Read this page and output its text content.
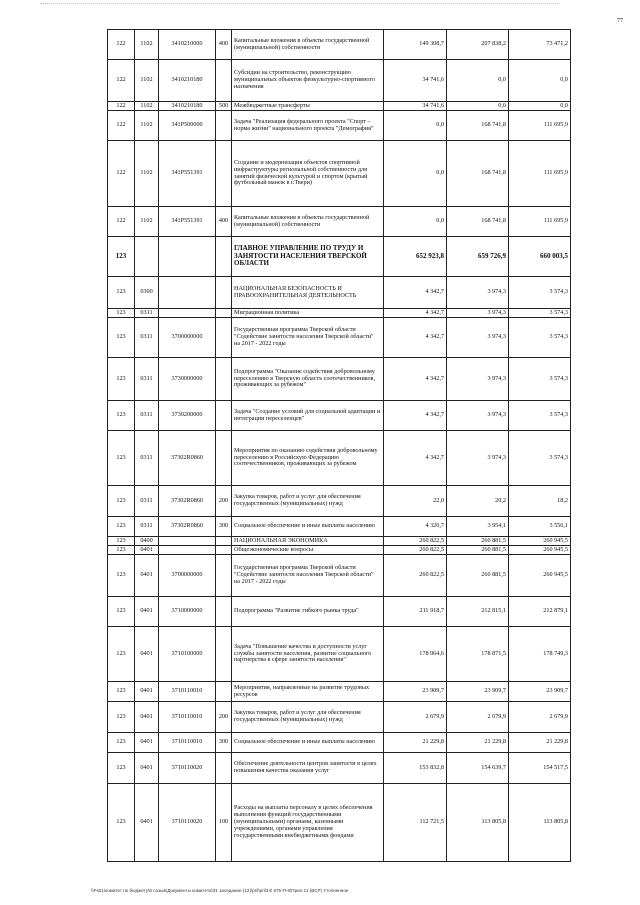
77
122	1102	3410210000	400	Капитальные вложения в объекты государственной (муниципальной) собственности	149 308,7	207 838,2	73 471,2
122	1102	3410210180		Субсидии на строительство, реконструкцию муниципальных объектов физкультурно-спортивного назначения	34 741,6	0,0	0,0
122	1102	3410210180	500	Межбюджетные трансферты	34 741,6	0,0	0,0
122	1102	341P500000		Задача "Реализация федерального проекта "Спорт – норма жизни" национального проекта "Демография"	0,0	168 741,8	111 695,9
122	1102	341P551391		Создание и модернизация объектов спортивной инфраструктуры региональной собственности для занятий физической культурой и спортом (крытый футбольный манеж в г.Твери)	0,0	168 741,8	111 695,9
122	1102	341P551391	400	Капитальные вложения в объекты государственной (муниципальной) собственности	0,0	168 741,8	111 695,9
123				ГЛАВНОЕ УПРАВЛЕНИЕ ПО ТРУДУ И ЗАНЯТОСТИ НАСЕЛЕНИЯ ТВЕРСКОЙ ОБЛАСТИ	652 923,8	659 726,9	660 003,5
123	0300			НАЦИОНАЛЬНАЯ БЕЗОПАСНОСТЬ И ПРАВООХРАНИТЕЛЬНАЯ ДЕЯТЕЛЬНОСТЬ	4 342,7	3 974,3	3 574,3
123	0311			Миграционная политика	4 342,7	3 974,3	3 574,3
123	0311	3700000000		Государственная программа Тверской области "Содействие занятости населения Тверской области" на 2017 - 2022 годы	4 342,7	3 974,3	3 574,3
123	0311	3730000000		Подпрограмма "Оказание содействия добровольному переселению в Тверскую область соотечественников, проживающих за рубежом"	4 342,7	3 974,3	3 574,3
123	0311	3730200000		Задача "Создание условий для социальной адаптации и интеграции переселенцев"	4 342,7	3 974,3	3 574,3
123	0311	37302R0860		Мероприятия по оказанию содействия добровольному переселению в Российскую Федерацию соотечественников, проживающих за рубежом	4 342,7	3 974,3	3 574,3
123	0311	37302R0860	200	Закупка товаров, работ и услуг для обеспечения государственных (муниципальных) нужд	22,0	20,2	18,2
123	0311	37302R0860	300	Социальное обеспечение и иные выплаты населению	4 320,7	3 954,1	3 556,1
123	0400			НАЦИОНАЛЬНАЯ ЭКОНОМИКА	260 822,5	260 881,5	260 945,5
123	0401			Общеэкономические вопросы	260 822,5	260 881,5	260 945,5
123	0401	3700000000		Государственная программа Тверской области "Содействие занятости населения Тверской области" на 2017 - 2022 годы	260 822,5	260 881,5	260 945,5
123	0401	3710000000		Подпрограмма "Развитие гибкого рынка труда"	211 918,7	212 815,1	212 879,1
123	0401	3710100000		Задача "Повышение качества и доступности услуг службы занятости населения, развитие социального партнерства в сфере занятости населения"	178 064,6	178 871,5	178 749,3
123	0401	3710110010		Мероприятия, направленные на развитие трудовых ресурсов	23 909,7	23 909,7	23 909,7
123	0401	3710110010	200	Закупка товаров, работ и услуг для обеспечения государственных (муниципальных) нужд	2 679,9	2 679,9	2 679,9
123	0401	3710110010	300	Социальное обеспечение и иные выплаты населению	21 229,8	21 229,8	21 229,8
123	0401	3710110020		Обеспечение деятельности центров занятости в целях повышения качества оказания услуг	153 832,8	154 639,7	154 517,5
123	0401	3710110020	100	Расходы на выплаты персоналу в целях обеспечения выполнения функций государственными (муниципальными) органами, казенными учреждениями, органами управления государственными внебюджетными фондами	112 721,5	113 805,8	113 805,8
\\Fs01\комитет по бюджету\6 созыв\Документы комитета\31 заседание (12)\pril\pril34\ 675-П-6\Прил.11 (ВСР) Уточненное
